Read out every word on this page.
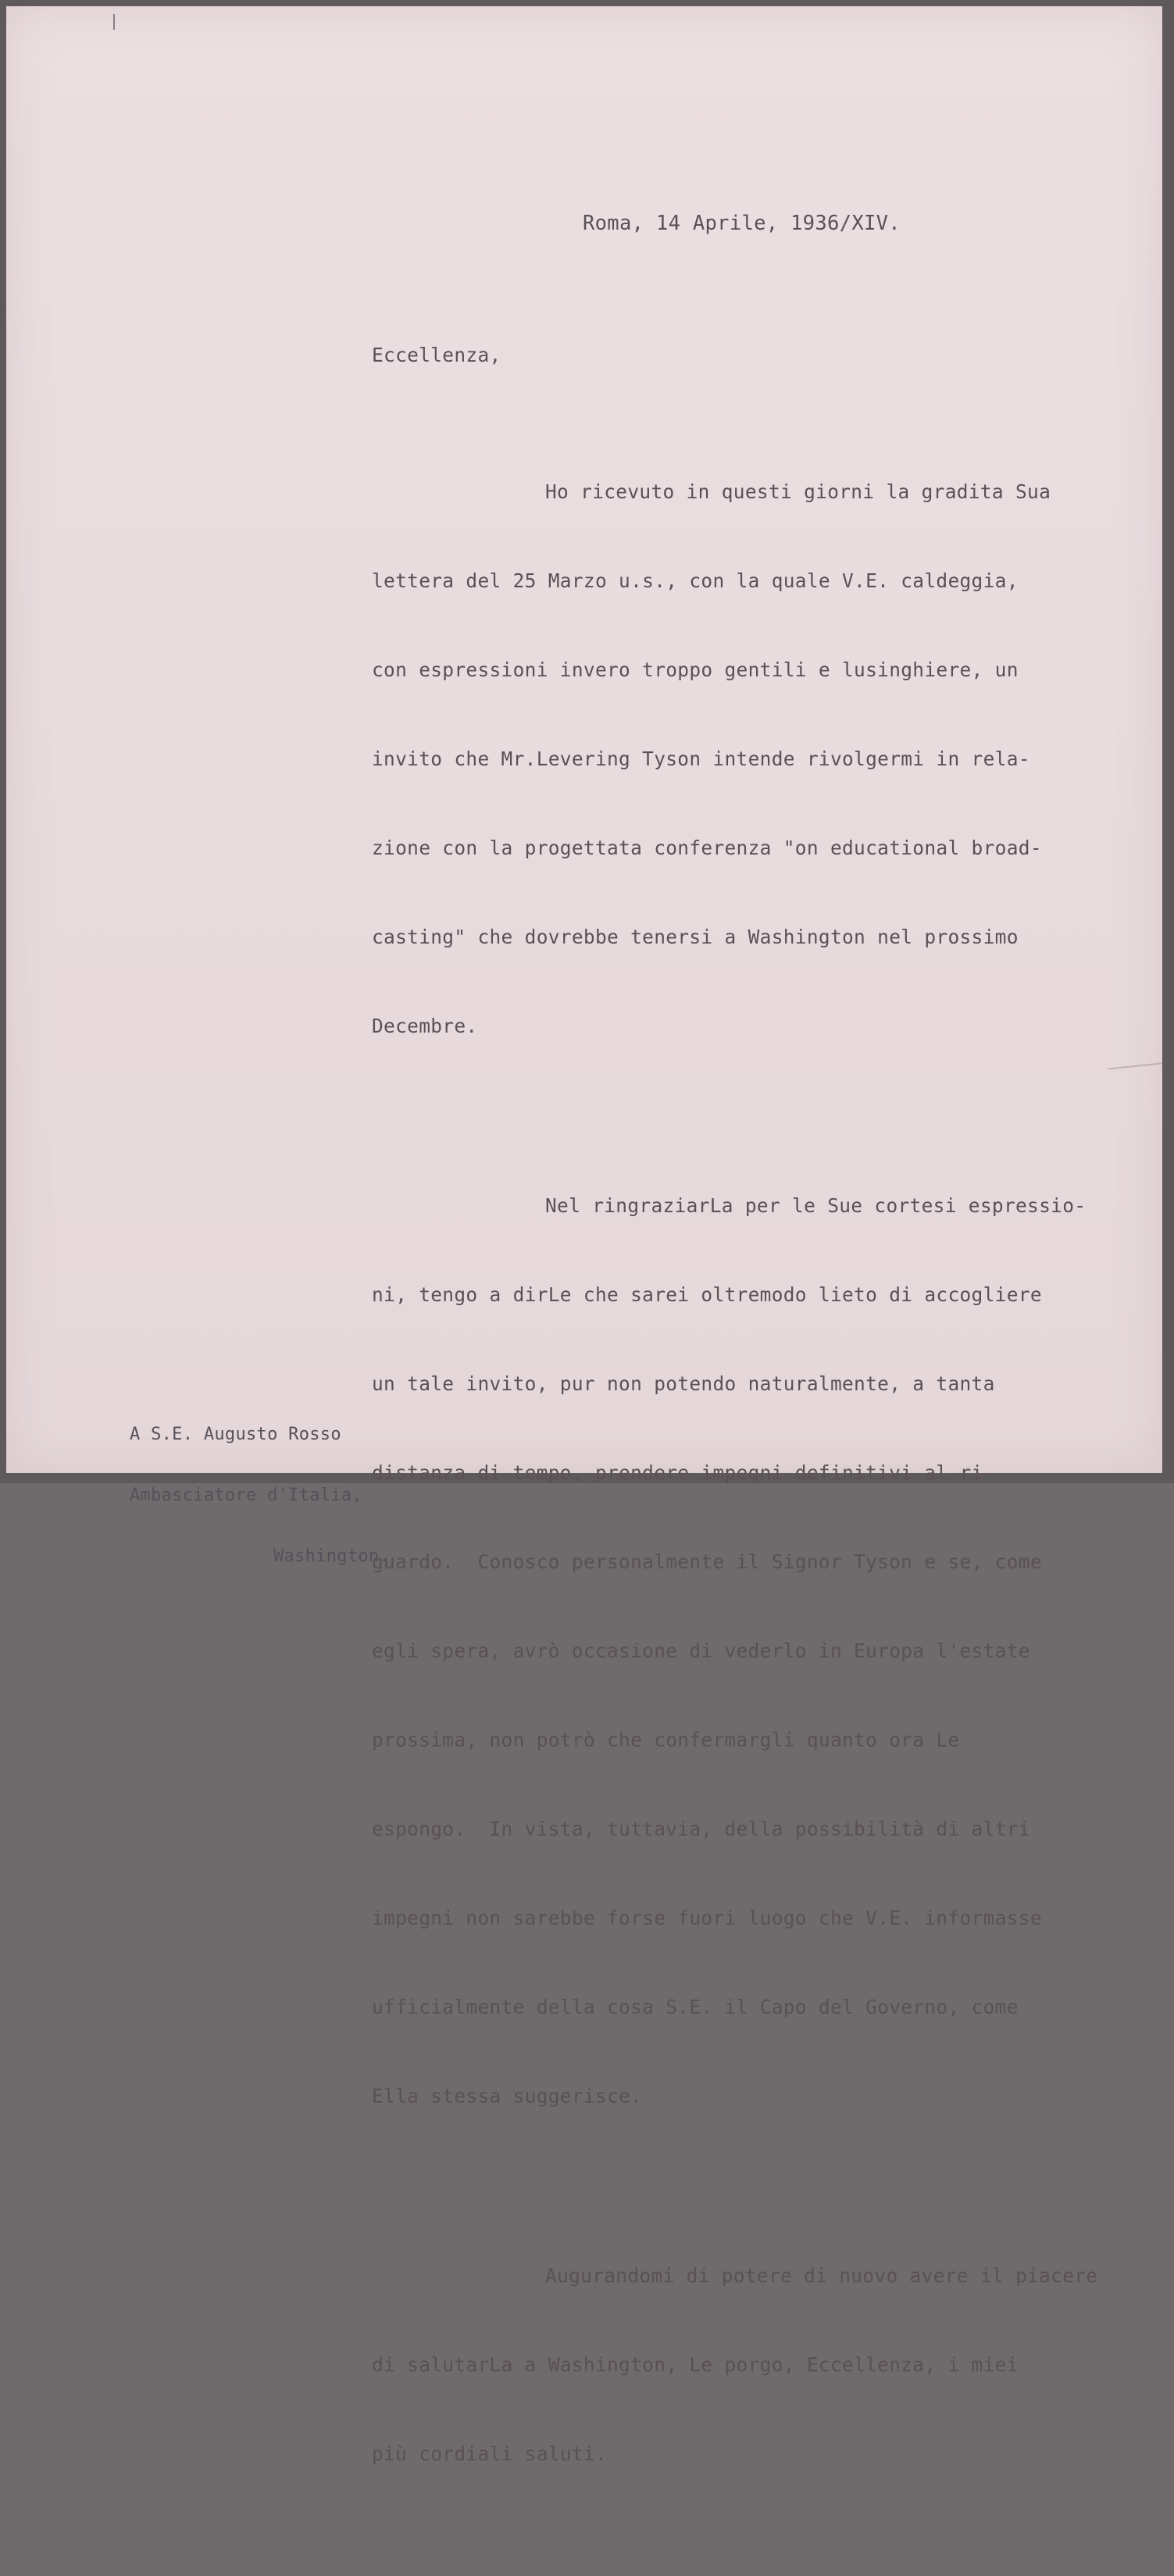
Roma, 14 Aprile, 1936/XIV.
Eccellenza,

Ho ricevuto in questi giorni la gradita Sua

lettera del 25 Marzo u.s., con la quale V.E. caldeggia,

con espressioni invero troppo gentili e lusinghiere, un

invito che Mr.Levering Tyson intende rivolgermi in rela-

zione con la progettata conferenza "on educational broad-

casting" che dovrebbe tenersi a Washington nel prossimo

Decembre.

Nel ringraziarLa per le Sue cortesi espressio-

ni, tengo a dirLe che sarei oltremodo lieto di accogliere

un tale invito, pur non potendo naturalmente, a tanta

distanza di tempo, prendere impegni definitivi al ri-

guardo.  Conosco personalmente il Signor Tyson e se, come

egli spera, avrò occasione di vederlo in Europa l'estate

prossima, non potrò che confermargli quanto ora Le

espongo.  In vista, tuttavia, della possibilità di altri

impegni non sarebbe forse fuori luogo che V.E. informasse

ufficialmente della cosa S.E. il Capo del Governo, come

Ella stessa suggerisce.

Augurandomi di potere di nuovo avere il piacere

di salutarLa a Washington, Le porgo, Eccellenza, i miei

più cordiali saluti.

A S.E. Augusto Rosso

Ambasciatore d'Italia,

Washington.
